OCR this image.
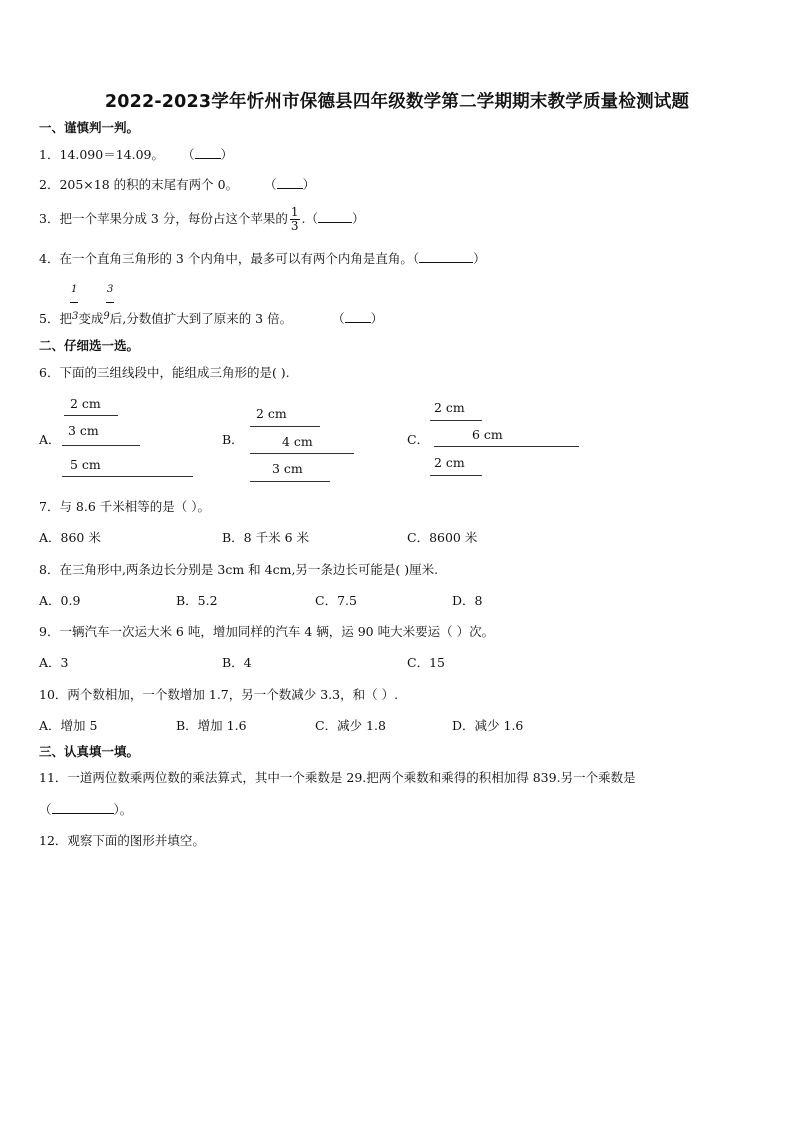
2022-2023学年忻州市保德县四年级数学第二学期期末教学质量检测试题
一、谨慎判一判。
1．14.090＝14.09。 （ ）
2．205×18 的积的末尾有两个 0。 （ ）
3．把一个苹果分成 3 分，每份占这个苹果的 $\frac{1}{3}$ .（	）
4．在一个直角三角形的 3 个内角中，最多可以有两个内角是直角。（	）
1	3
5．把$^3$变成$^9$后,分数值扩大到了原来的 3 倍。	（ ）
二、仔细选一选。
6．下面的三组线段中，能组成三角形的是( ).
A．
2 cm
3 cm
5 cm
B．
2 cm
4 cm
3 cm
C．
2 cm
6 cm
2 cm
7．与 8.6 千米相等的是（ ）。
A．860 米	B．8 千米 6 米	C．8600 米
8．在三角形中,两条边长分别是 3cm 和 4cm,另一条边长可能是( )厘米.
A．0.9	B．5.2	C．7.5	D．8
9．一辆汽车一次运大米 6 吨，增加同样的汽车 4 辆，运 90 吨大米要运（ ）次。
A．3	B．4	C．15
10．两个数相加，一个数增加 1.7，另一个数减少 3.3，和（ ）.
A．增加 5	B．增加 1.6	C．减少 1.8	D．减少 1.6
三、认真填一填。
11．一道两位数乘两位数的乘法算式，其中一个乘数是 29.把两个乘数和乘得的积相加得 839.另一个乘数是
（	）。
12．观察下面的图形并填空。
